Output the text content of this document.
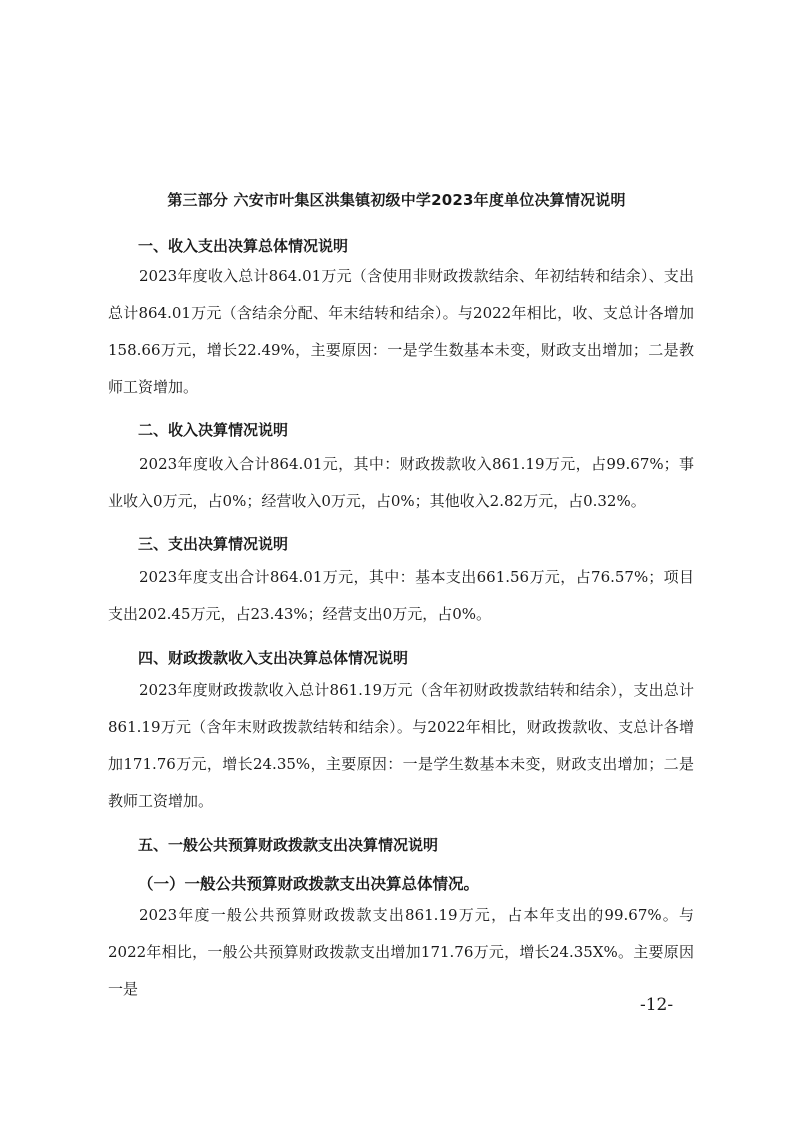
第三部分 六安市叶集区洪集镇初级中学2023年度单位决算情况说明
一、收入支出决算总体情况说明

2023年度收入总计864.01万元（含使用非财政拨款结余、年初结转和结余）、支出总计864.01万元（含结余分配、年末结转和结余）。与2022年相比，收、支总计各增加158.66万元，增长22.49%，主要原因：一是学生数基本未变，财政支出增加；二是教师工资增加。

二、收入决算情况说明

2023年度收入合计864.01元，其中：财政拨款收入861.19万元，占99.67%；事业收入0万元，占0%；经营收入0万元，占0%；其他收入2.82万元，占0.32%。

三、支出决算情况说明

2023年度支出合计864.01万元，其中：基本支出661.56万元，占76.57%；项目支出202.45万元，占23.43%；经营支出0万元，占0%。

四、财政拨款收入支出决算总体情况说明

2023年度财政拨款收入总计861.19万元（含年初财政拨款结转和结余），支出总计861.19万元（含年末财政拨款结转和结余）。与2022年相比，财政拨款收、支总计各增加171.76万元，增长24.35%，主要原因：一是学生数基本未变，财政支出增加；二是教师工资增加。

五、一般公共预算财政拨款支出决算情况说明
（一）一般公共预算财政拨款支出决算总体情况。

2023年度一般公共预算财政拨款支出861.19万元，占本年支出的99.67%。与2022年相比，一般公共预算财政拨款支出增加171.76万元，增长24.35X%。主要原因一是

-12-
